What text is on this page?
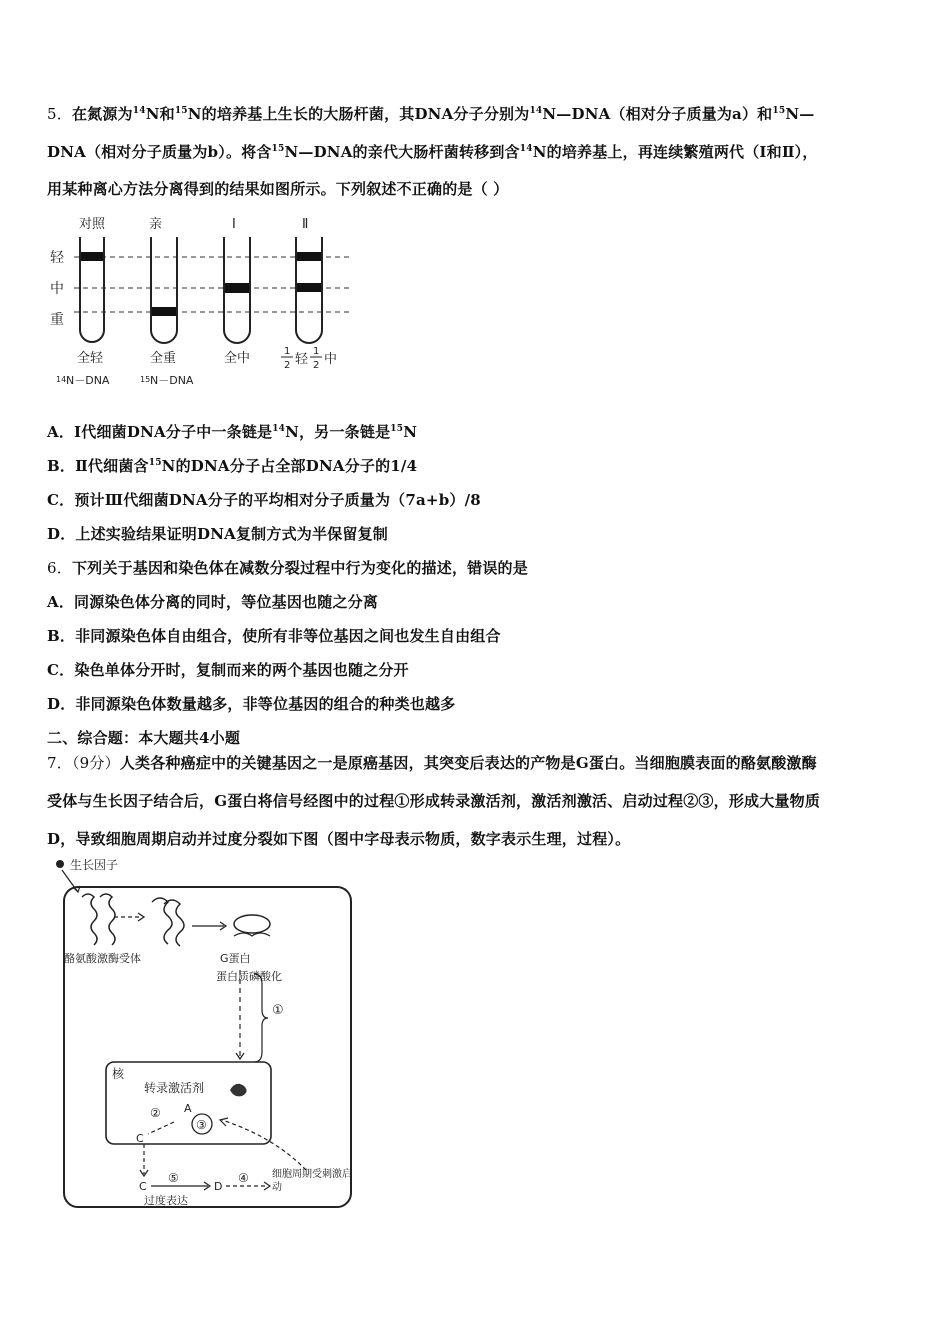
5．在氮源为$^{14}$N和$^{15}$N的培养基上生长的大肠杆菌，其DNA分子分别为$^{14}$N—DNA（相对分子质量为a）和$^{15}$N—
DNA（相对分子质量为b）。将含$^{15}$N—DNA的亲代大肠杆菌转移到含$^{14}$N的培养基上，再连续繁殖两代（Ⅰ和Ⅱ），
用某种离心方法分离得到的结果如图所示。下列叙述不正确的是（ ）
对照	亲	Ⅰ	Ⅱ
轻
中
重
全轻	全重	全中	1
2 轻
1
2 中
14 N－DNA	15 N－DNA
A．Ⅰ代细菌DNA分子中一条链是$^{14}$N，另一条链是$^{15}$N
B．Ⅱ代细菌含$^{15}$N的DNA分子占全部DNA分子的1/4
C．预计Ⅲ代细菌DNA分子的平均相对分子质量为（7a+b）/8
D．上述实验结果证明DNA复制方式为半保留复制
6．下列关于基因和染色体在减数分裂过程中行为变化的描述，错误的是
A．同源染色体分离的同时，等位基因也随之分离
B．非同源染色体自由组合，使所有非等位基因之间也发生自由组合
C．染色单体分开时，复制而来的两个基因也随之分开
D．非同源染色体数量越多，非等位基因的组合的种类也越多
二、综合题：本大题共4小题
7．（9分）人类各种癌症中的关键基因之一是原癌基因，其突变后表达的产物是G蛋白。当细胞膜表面的酪氨酸激酶
受体与生长因子结合后，G蛋白将信号经图中的过程①形成转录激活剂，激活剂激活、启动过程②③，形成大量物质
D，导致细胞周期启动并过度分裂如下图（图中字母表示物质，数字表示生理，过程）。
生长因子
酪氨酸激酶受体	G蛋白
蛋白质磷酸化
①
核
转录激活剂
A
③
②
C
C
⑤
过度表达
D
④ 细胞周期受刺激启动
